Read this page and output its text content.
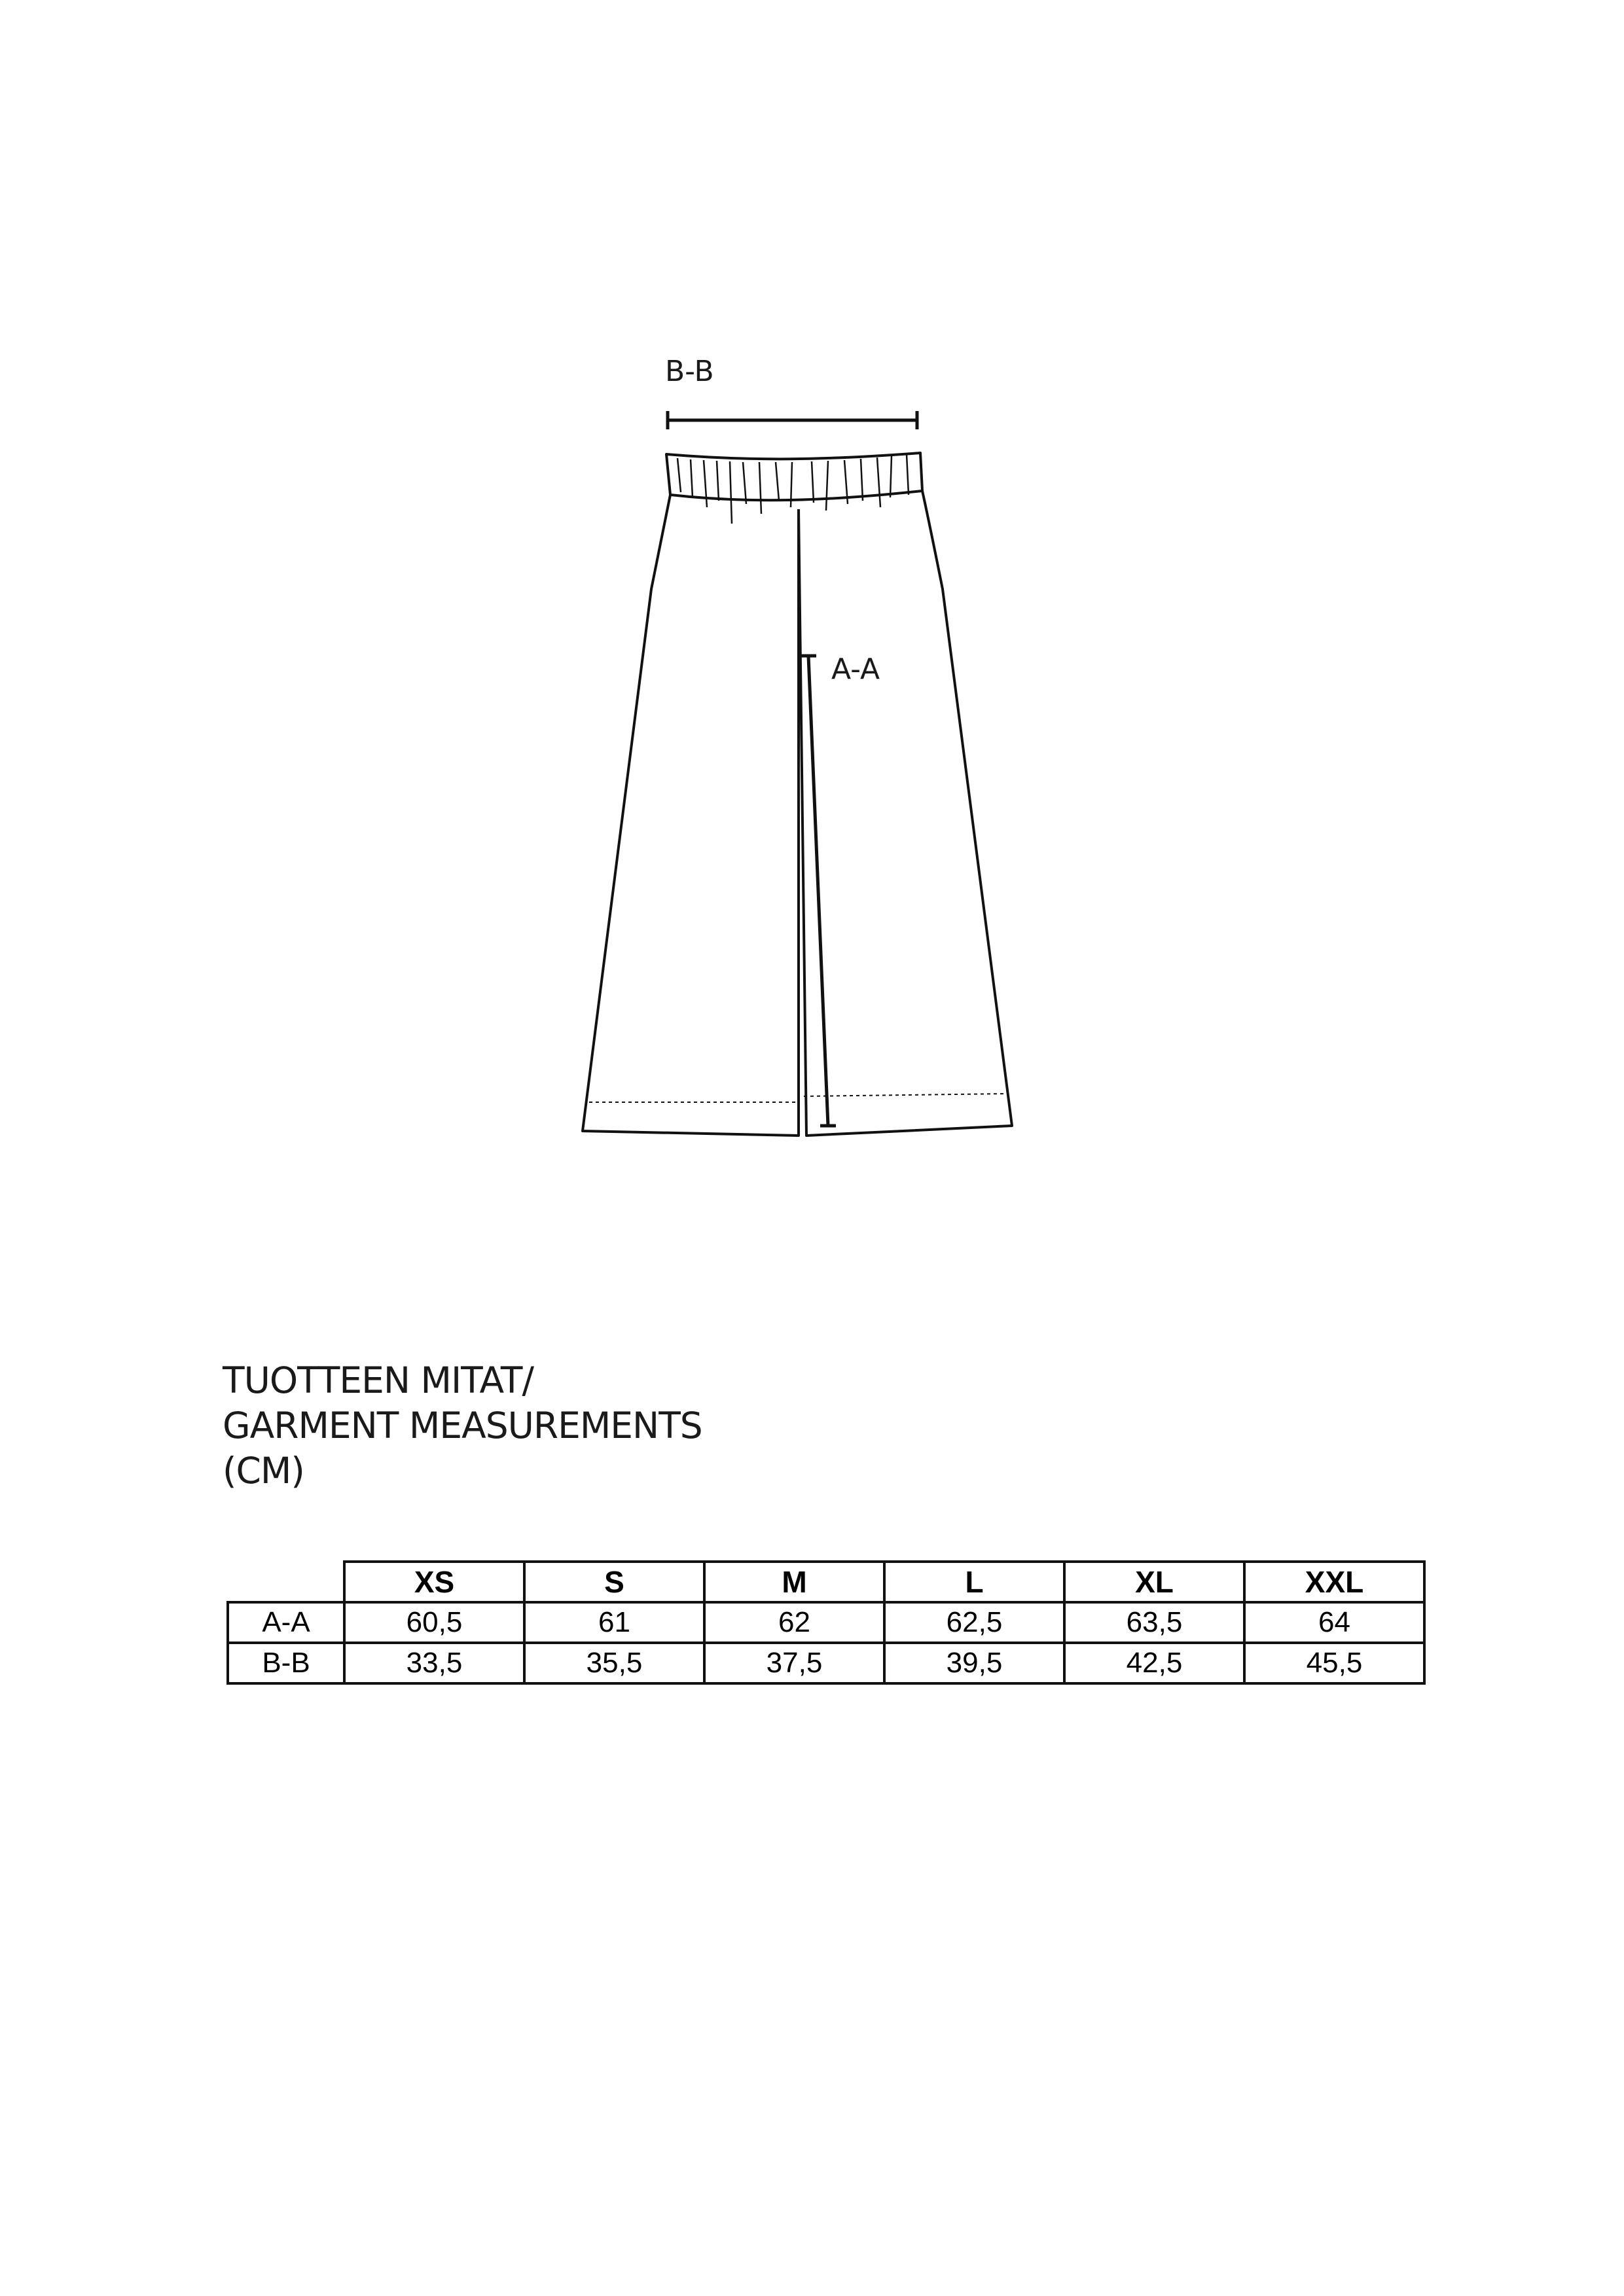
B-B
A-A
TUOTTEEN MITAT/
GARMENT MEASUREMENTS
(CM)
	XS	S	M	L	XL	XXL
A-A	60,5	61	62	62,5	63,5	64
B-B	33,5	35,5	37,5	39,5	42,5	45,5
